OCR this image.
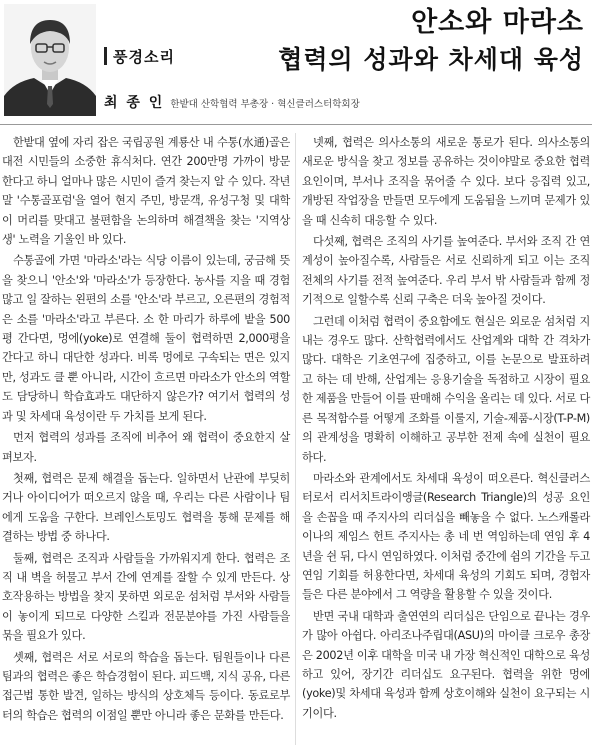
풍경소리
안소와 마라소
협력의 성과와 차세대 육성
최 종 인 한밭대 산학협력 부총장 · 혁신클러스터학회장

한밭대 옆에 자리 잡은 국립공원 계룡산 내 수통(水通)골은 대전 시민들의 소중한 휴식처다. 연간 200만명 가까이 방문한다고 하니 얼마나 많은 시민이 즐겨 찾는지 알 수 있다. 작년 말 '수통골포럼'을 열어 현지 주민, 방문객, 유성구청 및 대학이 머리를 맞대고 불편함을 논의하며 해결책을 찾는 '지역상생' 노력을 기울인 바 있다.

수통골에 가면 '마라소'라는 식당 이름이 있는데, 궁금해 뜻을 찾으니 '안소'와 '마라소'가 등장한다. 농사를 지을 때 경험 많고 일 잘하는 왼편의 소를 '안소'라 부르고, 오른편의 경험적은 소를 '마라소'라고 부른다. 소 한 마리가 하루에 밭을 500평 간다면, 멍에(yoke)로 연결해 둘이 협력하면 2,000평을 간다고 하니 대단한 성과다. 비록 멍에로 구속되는 면은 있지만, 성과도 클 뿐 아니라, 시간이 흐르면 마라소가 안소의 역할도 담당하니 학습효과도 대단하지 않은가? 여기서 협력의 성과 및 차세대 육성이란 두 가치를 보게 된다.

먼저 협력의 성과를 조직에 비추어 왜 협력이 중요한지 살펴보자.

첫째, 협력은 문제 해결을 돕는다. 일하면서 난관에 부딪히거나 아이디어가 떠오르지 않을 때, 우리는 다른 사람이나 팀에게 도움을 구한다. 브레인스토밍도 협력을 통해 문제를 해결하는 방법 중 하나다.

둘째, 협력은 조직과 사람들을 가까워지게 한다. 협력은 조직 내 벽을 허물고 부서 간에 연계를 잘할 수 있게 만든다. 상호작용하는 방법을 찾지 못하면 외로운 섬처럼 부서와 사람들이 놓이게 되므로 다양한 스킬과 전문분야를 가진 사람들을 묶을 필요가 있다.

셋째, 협력은 서로 서로의 학습을 돕는다. 팀원들이나 다른 팀과의 협력은 좋은 학습경험이 된다. 피드백, 지식 공유, 다른 접근법 통한 발견, 일하는 방식의 상호체득 등이다. 동료로부터의 학습은 협력의 이점일 뿐만 아니라 좋은 문화를 만든다.

넷째, 협력은 의사소통의 새로운 통로가 된다. 의사소통의 새로운 방식을 찾고 정보를 공유하는 것이야말로 중요한 협력 요인이며, 부서나 조직을 묶어줄 수 있다. 보다 응집력 있고, 개방된 작업장을 만들면 모두에게 도움됨을 느끼며 문제가 있을 때 신속히 대응할 수 있다.

다섯째, 협력은 조직의 사기를 높여준다. 부서와 조직 간 연계성이 높아질수록, 사람들은 서로 신뢰하게 되고 이는 조직 전체의 사기를 전적 높여준다. 우리 부서 밖 사람들과 함께 정기적으로 일할수록 신뢰 구축은 더욱 높아질 것이다.

그런데 이처럼 협력이 중요함에도 현실은 외로운 섬처럼 지내는 경우도 많다. 산학협력에서도 산업계와 대학 간 격차가 많다. 대학은 기초연구에 집중하고, 이를 논문으로 발표하려고 하는 데 반해, 산업계는 응용기술을 독점하고 시장이 필요한 제품을 만들어 이를 판매해 수익을 올리는 데 있다. 서로 다른 목적함수를 어떻게 조화를 이룰지, 기술-제품-시장(T-P-M)의 관계성을 명확히 이해하고 공부한 전제 속에 실천이 필요하다.

마라소와 관계에서도 차세대 육성이 떠오른다. 혁신클러스터로서 리서치트라이앵글(Research Triangle)의 성공 요인을 손꼽을 때 주지사의 리더십을 빼놓을 수 없다. 노스캐롤라이나의 제임스 헌트 주지사는 총 네 번 역임하는데 연임 후 4년을 쉰 뒤, 다시 연임하였다. 이처럼 중간에 쉼의 기간을 두고 연임 기회를 허용한다면, 차세대 육성의 기회도 되며, 경험자들은 다른 분야에서 그 역량을 활용할 수 있을 것이다.

반면 국내 대학과 출연연의 리더십은 단임으로 끝나는 경우가 많아 아쉽다. 아리조나주립대(ASU)의 마이클 크로우 총장은 2002년 이후 대학을 미국 내 가장 혁신적인 대학으로 육성하고 있어, 장기간 리더십도 요구된다. 협력을 위한 멍에(yoke)및 차세대 육성과 함께 상호이해와 실천이 요구되는 시기이다.
